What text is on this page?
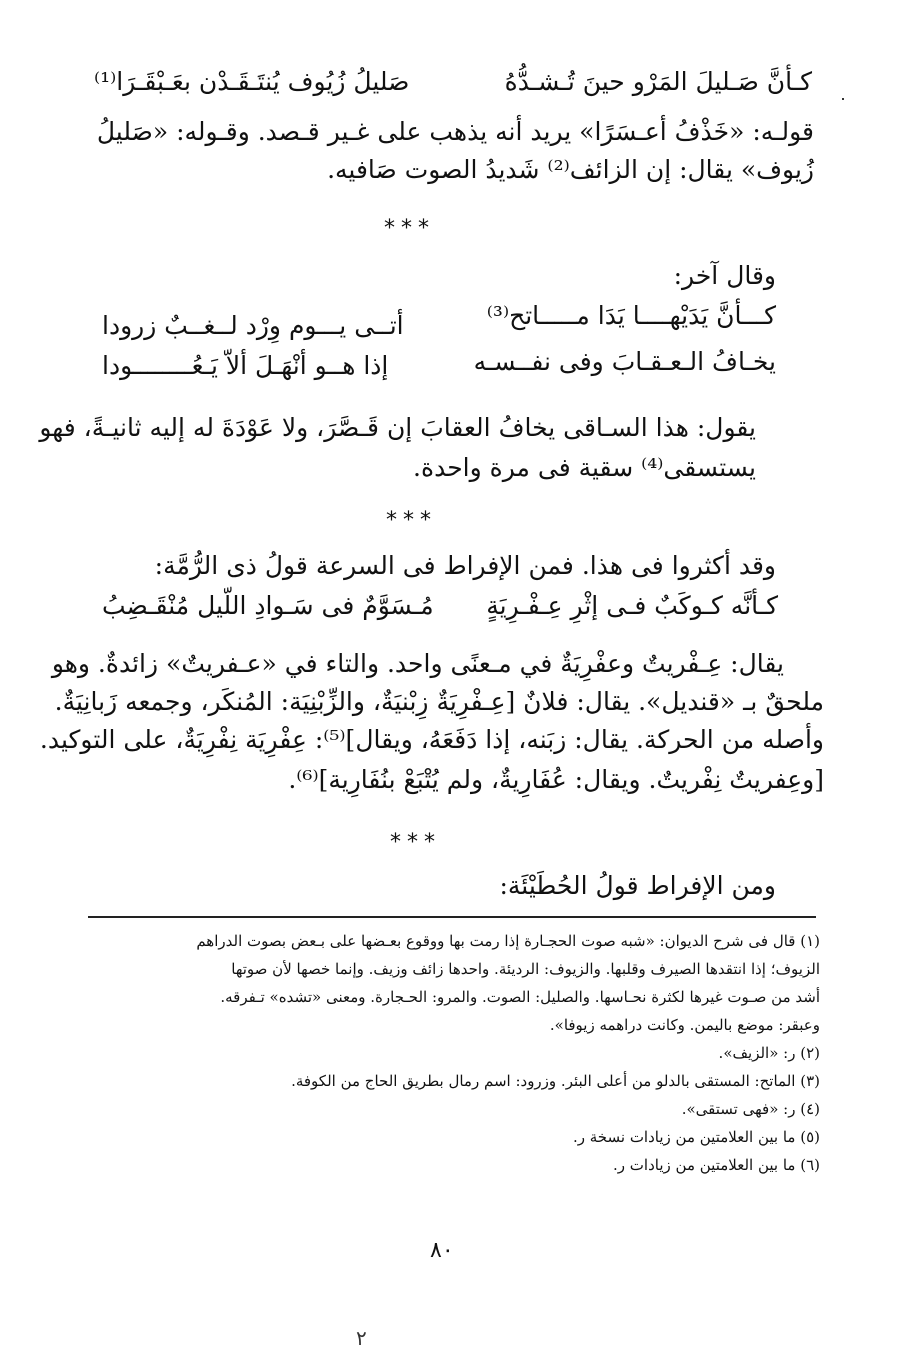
كـأنَّ صَـليلَ المَرْو حينَ تُـشـدُّهُ
صَليلُ زُيُوف يُنتَـقَـدْن بعَـبْقَـرَا⁽¹⁾
قولـه: «خَذْفُ أعـسَرًا» يريد أنه يذهب على غـير قـصد. وقـوله: «صَليلُ
زُيوف» يقال: إن الزائف⁽²⁾ شَديدُ الصوت صَافيه.
***
وقال آخر:
كـــأنَّ يَدَيْهــــا يَدَا مـــــاتح⁽³⁾
أتــى يـــوم وِرْد لــغــبٌ زرودا
يخـافُ الـعـقـابَ وفى نفــسـه
إذا هــو أنْهَـلَ ألاّ يَـعُــــــــودا
يقول: هذا السـاقى يخافُ العقابَ إن قَـصَّرَ، ولا عَوْدَةَ له إليه ثانيـةً، فهو
يستسقى⁽⁴⁾ سقية فى مرة واحدة.
***
وقد أكثروا فى هذا. فمن الإفراط فى السرعة قولُ ذى الرُّمَّة:
كـأنَّه كـوكَبٌ فـى إثْرِ عِـفْـرِيَةٍ
مُـسَوَّمٌ فى سَـوادِ اللّيل مُنْقَـضِبُ
يقال: عِـفْريتٌ وعفْرِيَةٌ في مـعنًى واحد. والتاء في «عـفريتٌ» زائدةٌ. وهو
ملحقٌ بـ «قنديل». يقال: فلانٌ [عِـفْرِيَةٌ زِبْنيَةٌ، والزِّبْنِيَة: المُنكَر، وجمعه زَبانِيَةٌ.
وأصله من الحركة. يقال: زبَنه، إذا دَفَعَهُ، ويقال]⁽⁵⁾: عِفْرِيَة نِفْرِيَةٌ، على التوكيد.
[وعِفريتٌ نِفْريتٌ. ويقال: عُفَارِيةٌ، ولم يُتْبَعْ بنُفَارِية]⁽⁶⁾.
***
ومن الإفراط قولُ الحُطَيْئَة:
(١) قال فى شرح الديوان: «شبه صوت الحجـارة إذا رمت بها ووقوع بعـضها على بـعض بصوت الدراهم
الزيوف؛ إذا انتقدها الصيرف وقلبها. والزيوف: الرديئة. واحدها زائف وزيف. وإنما خصها لأن صوتها
أشد من صـوت غيرها لكثرة نحـاسها. والصليل: الصوت. والمرو: الحـجارة. ومعنى «تشده» تـفرقه.
وعبقر: موضع باليمن. وكانت دراهمه زيوفا».
(٢) ر: «الزيف».
(٣) الماتح: المستقى بالدلو من أعلى البئر. وزرود: اسم رمال بطريق الحاج من الكوفة.
(٤) ر: «فهى تستقى».
(٥) ما بين العلامتين من زيادات نسخة ر.
(٦) ما بين العلامتين من زيادات ر.
٨٠
٢
